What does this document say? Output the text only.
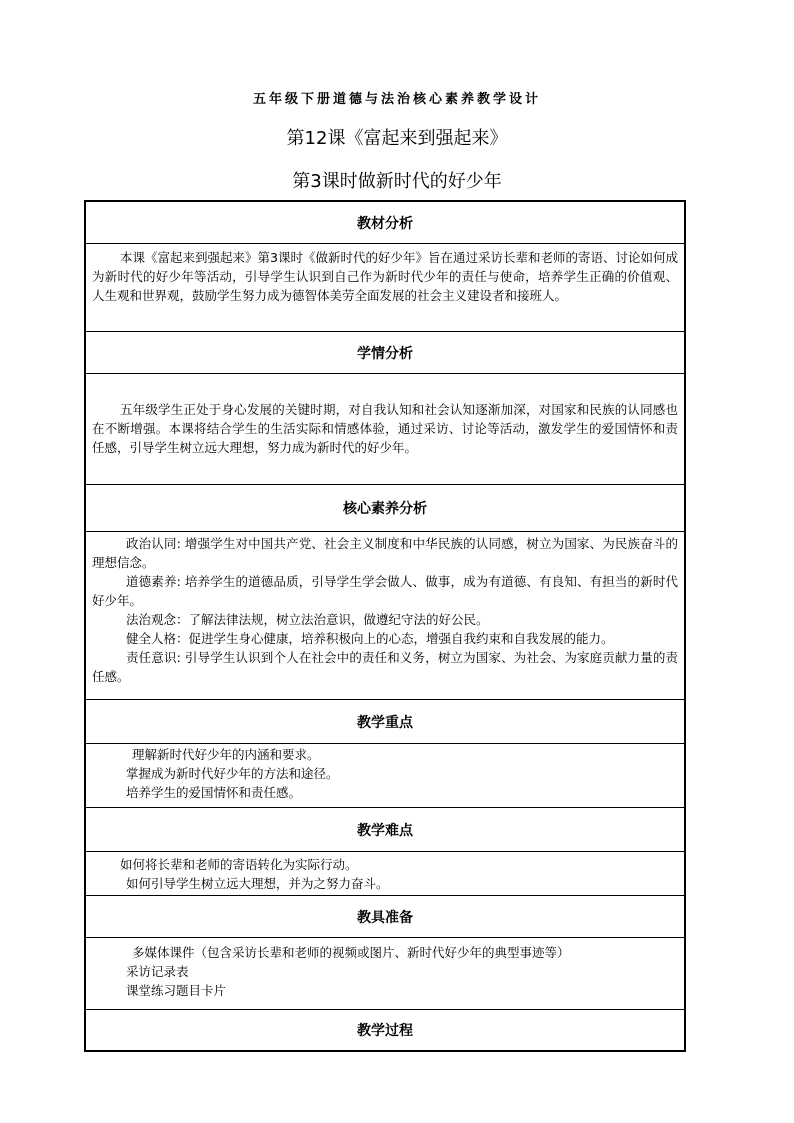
五年级下册道德与法治核心素养教学设计
第12课《富起来到强起来》
第3课时做新时代的好少年
教材分析

本课《富起来到强起来》第3课时《做新时代的好少年》旨在通过采访长辈和老师的寄语、讨论如何成为新时代的好少年等活动，引导学生认识到自己作为新时代少年的责任与使命，培养学生正确的价值观、人生观和世界观，鼓励学生努力成为德智体美劳全面发展的社会主义建设者和接班人。

学情分析

五年级学生正处于身心发展的关键时期，对自我认知和社会认知逐渐加深，对国家和民族的认同感也在不断增强。本课将结合学生的生活实际和情感体验，通过采访、讨论等活动，激发学生的爱国情怀和责任感，引导学生树立远大理想，努力成为新时代的好少年。

核心素养分析

政治认同: 增强学生对中国共产党、社会主义制度和中华民族的认同感，树立为国家、为民族奋斗的理想信念。

道德素养: 培养学生的道德品质，引导学生学会做人、做事，成为有道德、有良知、有担当的新时代好少年。

法治观念：了解法律法规，树立法治意识，做遵纪守法的好公民。

健全人格：促进学生身心健康，培养积极向上的心态，增强自我约束和自我发展的能力。

责任意识: 引导学生认识到个人在社会中的责任和义务，树立为国家、为社会、为家庭贡献力量的责任感。

教学重点

理解新时代好少年的内涵和要求。

掌握成为新时代好少年的方法和途径。

培养学生的爱国情怀和责任感。

教学难点

如何将长辈和老师的寄语转化为实际行动。

如何引导学生树立远大理想，并为之努力奋斗。

教具准备

多媒体课件（包含采访长辈和老师的视频或图片、新时代好少年的典型事迹等）

采访记录表

课堂练习题目卡片

教学过程
